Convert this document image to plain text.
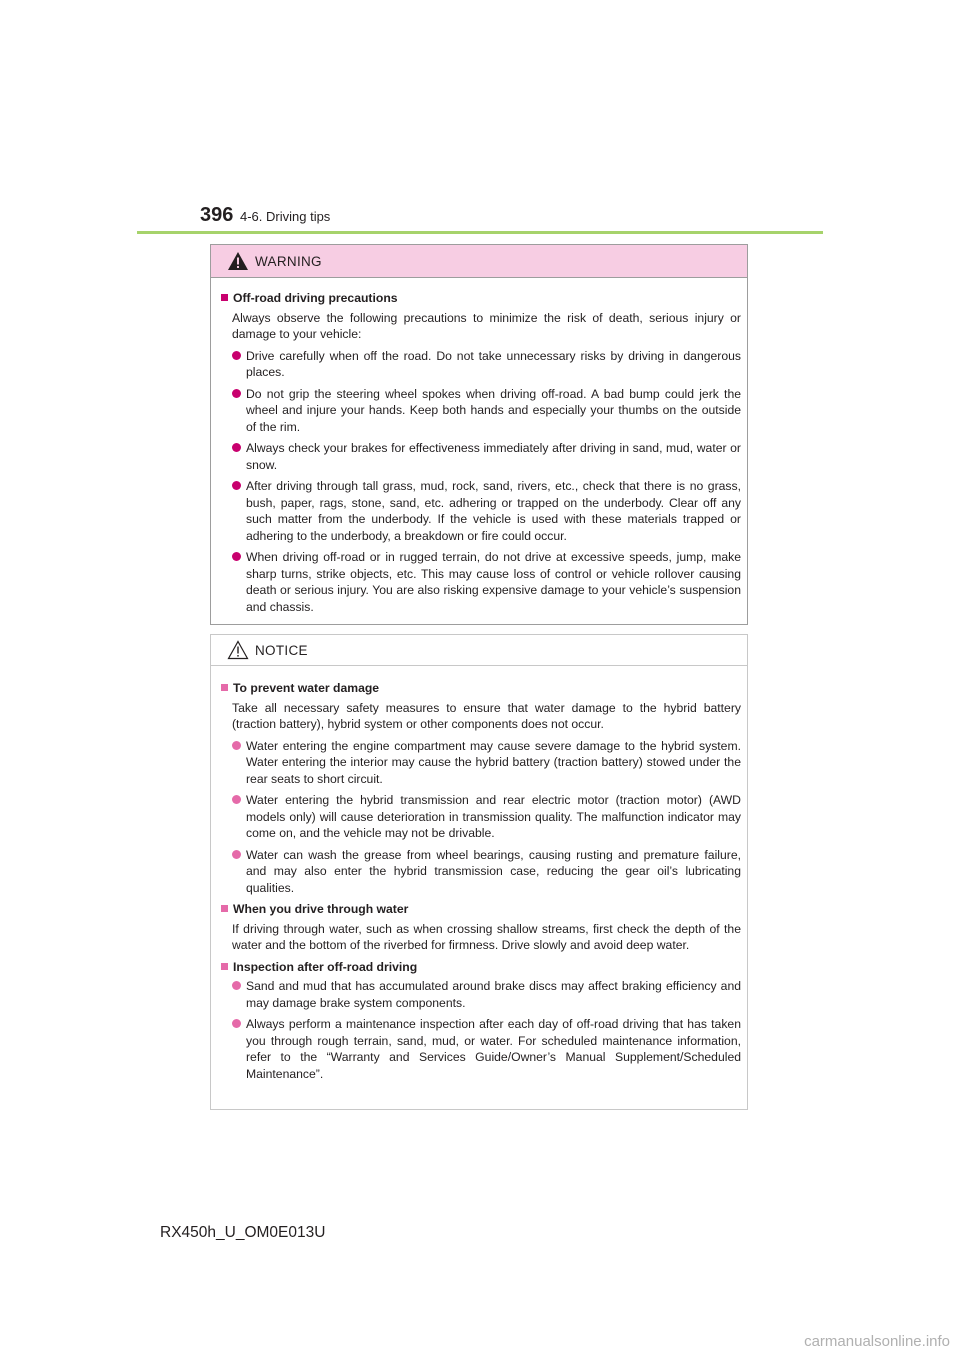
396 4-6. Driving tips
WARNING
Off-road driving precautions
Always observe the following precautions to minimize the risk of death, serious injury or damage to your vehicle:
Drive carefully when off the road. Do not take unnecessary risks by driving in dangerous places.
Do not grip the steering wheel spokes when driving off-road. A bad bump could jerk the wheel and injure your hands. Keep both hands and especially your thumbs on the outside of the rim.
Always check your brakes for effectiveness immediately after driving in sand, mud, water or snow.
After driving through tall grass, mud, rock, sand, rivers, etc., check that there is no grass, bush, paper, rags, stone, sand, etc. adhering or trapped on the underbody. Clear off any such matter from the underbody. If the vehicle is used with these materials trapped or adhering to the underbody, a breakdown or fire could occur.
When driving off-road or in rugged terrain, do not drive at excessive speeds, jump, make sharp turns, strike objects, etc. This may cause loss of control or vehicle rollover causing death or serious injury. You are also risking expensive damage to your vehicle’s suspension and chassis.
NOTICE
To prevent water damage
Take all necessary safety measures to ensure that water damage to the hybrid battery (traction battery), hybrid system or other components does not occur.
Water entering the engine compartment may cause severe damage to the hybrid system. Water entering the interior may cause the hybrid battery (traction battery) stowed under the rear seats to short circuit.
Water entering the hybrid transmission and rear electric motor (traction motor) (AWD models only) will cause deterioration in transmission quality. The malfunction indicator may come on, and the vehicle may not be drivable.
Water can wash the grease from wheel bearings, causing rusting and premature failure, and may also enter the hybrid transmission case, reducing the gear oil’s lubricating qualities.
When you drive through water
If driving through water, such as when crossing shallow streams, first check the depth of the water and the bottom of the riverbed for firmness. Drive slowly and avoid deep water.
Inspection after off-road driving
Sand and mud that has accumulated around brake discs may affect braking efficiency and may damage brake system components.
Always perform a maintenance inspection after each day of off-road driving that has taken you through rough terrain, sand, mud, or water. For scheduled maintenance information, refer to the “Warranty and Services Guide/Owner’s Manual Supplement/Scheduled Maintenance”.
RX450h_U_OM0E013U
carmanualsonline.info
